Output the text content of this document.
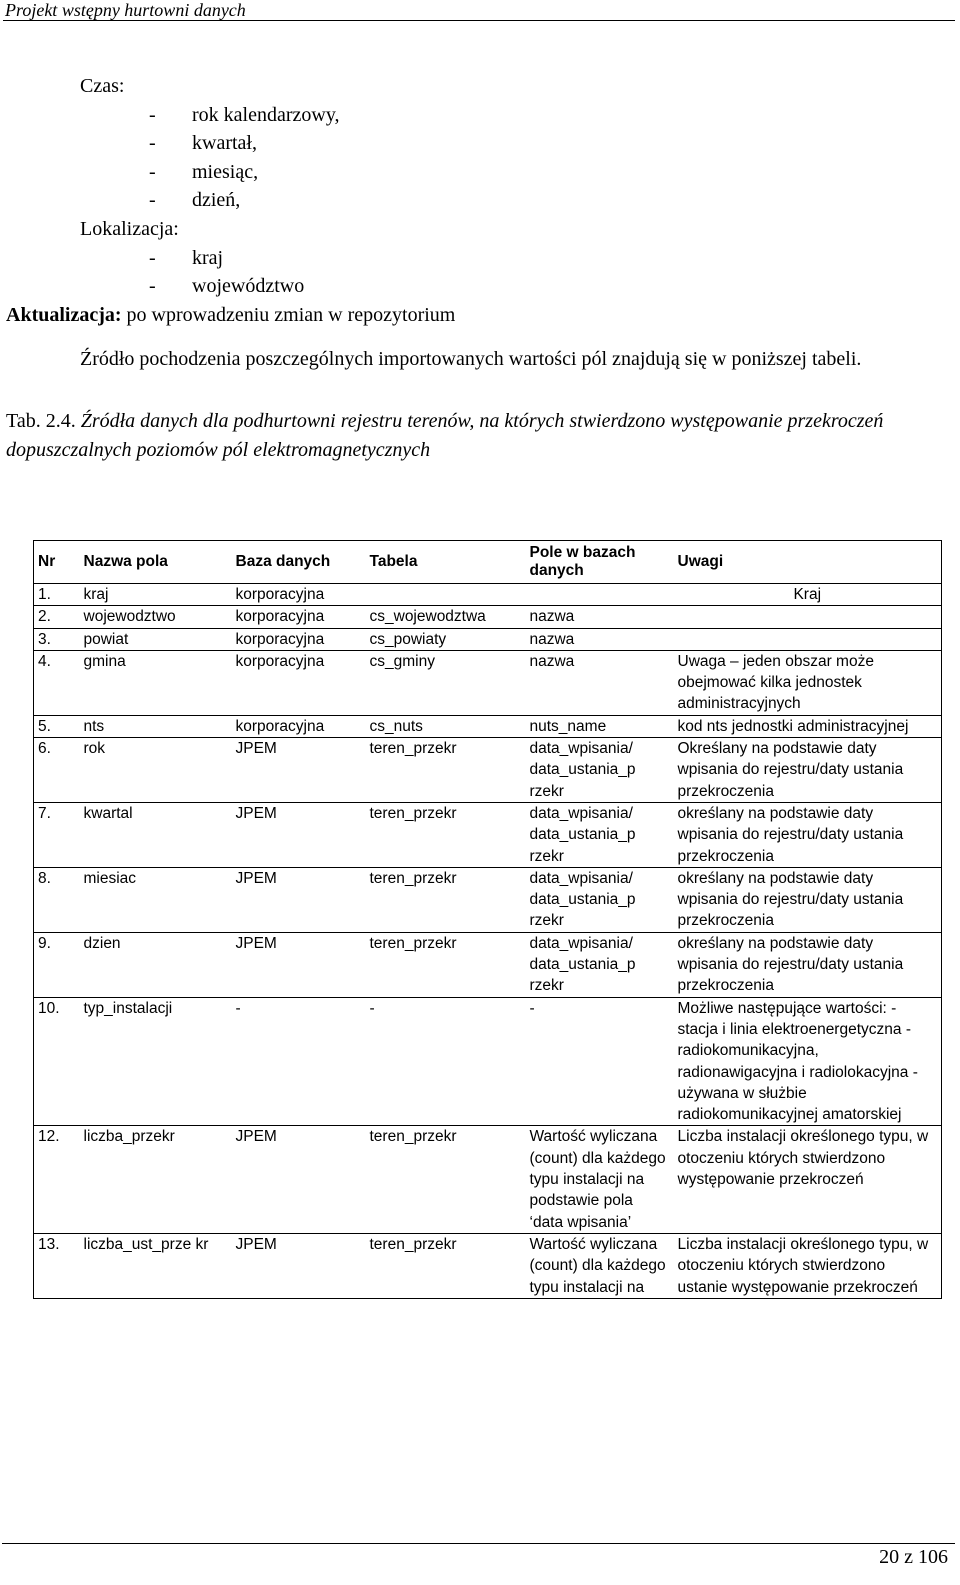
Projekt wstępny hurtowni danych
Czas:
- rok kalendarzowy,
- kwartał,
- miesiąc,
- dzień,
Lokalizacja:
- kraj
- województwo
Aktualizacja: po wprowadzeniu zmian w repozytorium
Źródło pochodzenia poszczególnych importowanych wartości pól znajdują się w poniższej tabeli.
Tab. 2.4. Źródła danych dla podhurtowni rejestru terenów, na których stwierdzono występowanie przekroczeń dopuszczalnych poziomów pól elektromagnetycznych
Nr	Nazwa pola	Baza danych	Tabela	Pole w bazach danych	Uwagi
1.	kraj	korporacyjna			Kraj
2.	wojewodztwo	korporacyjna	cs_wojewodztwa	nazwa	
3.	powiat	korporacyjna	cs_powiaty	nazwa	
4.	gmina	korporacyjna	cs_gminy	nazwa	Uwaga – jeden obszar może obejmować kilka jednostek administracyjnych
5.	nts	korporacyjna	cs_nuts	nuts_name	kod nts jednostki administracyjnej
6.	rok	JPEM	teren_przekr	data_wpisania/ data_ustania_p rzekr	Określany na podstawie daty wpisania do rejestru/daty ustania przekroczenia
7.	kwartal	JPEM	teren_przekr	data_wpisania/ data_ustania_p rzekr	określany na podstawie daty wpisania do rejestru/daty ustania przekroczenia
8.	miesiac	JPEM	teren_przekr	data_wpisania/ data_ustania_p rzekr	określany na podstawie daty wpisania do rejestru/daty ustania przekroczenia
9.	dzien	JPEM	teren_przekr	data_wpisania/ data_ustania_p rzekr	określany na podstawie daty wpisania do rejestru/daty ustania przekroczenia
10.	typ_instalacji	-	-	-	Możliwe następujące wartości: - stacja i linia elektroenergetyczna - radiokomunikacyjna, radionawigacyjna i radiolokacyjna - używana w służbie radiokomunikacyjnej amatorskiej
12.	liczba_przekr	JPEM	teren_przekr	Wartość wyliczana (count) dla każdego typu instalacji na podstawie pola ‘data wpisania’	Liczba instalacji określonego typu, w otoczeniu których stwierdzono występowanie przekroczeń
13.	liczba_ust_prze kr	JPEM	teren_przekr	Wartość wyliczana (count) dla każdego typu instalacji na	Liczba instalacji określonego typu, w otoczeniu których stwierdzono ustanie występowanie przekroczeń
20 z 106
